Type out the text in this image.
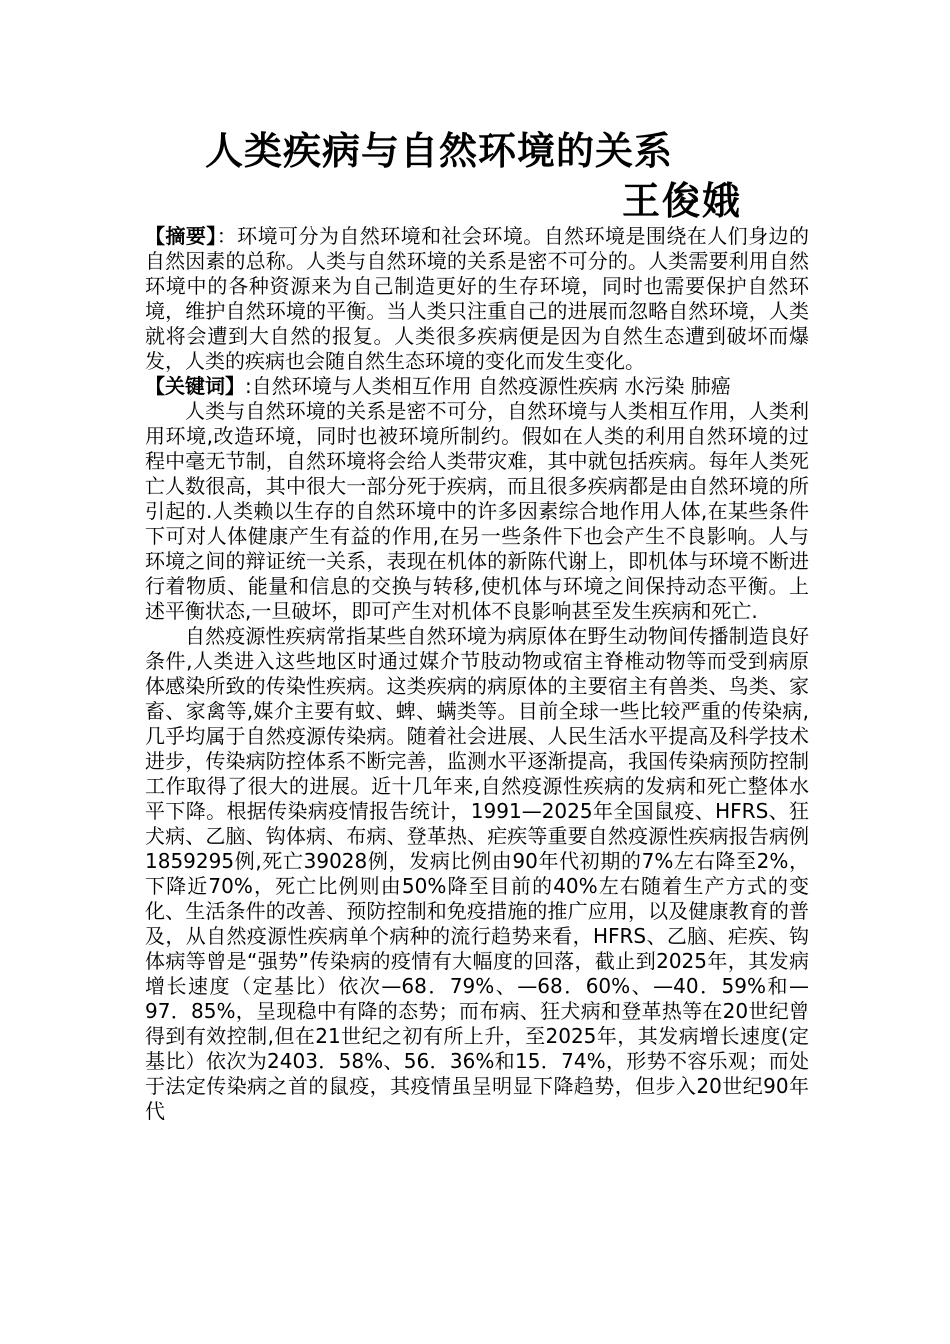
人类疾病与自然环境的关系
王俊娥

【摘要】：环境可分为自然环境和社会环境。自然环境是围绕在人们身边的自然因素的总称。人类与自然环境的关系是密不可分的。人类需要利用自然环境中的各种资源来为自己制造更好的生存环境，同时也需要保护自然环境，维护自然环境的平衡。当人类只注重自己的进展而忽略自然环境，人类就将会遭到大自然的报复。人类很多疾病便是因为自然生态遭到破坏而爆发，人类的疾病也会随自然生态环境的变化而发生变化。

【关键词】:自然环境与人类相互作用 自然疫源性疾病 水污染 肺癌

人类与自然环境的关系是密不可分，自然环境与人类相互作用，人类利用环境,改造环境，同时也被环境所制约。假如在人类的利用自然环境的过程中毫无节制，自然环境将会给人类带灾难，其中就包括疾病。每年人类死亡人数很高，其中很大一部分死于疾病，而且很多疾病都是由自然环境的所引起的.人类赖以生存的自然环境中的许多因素综合地作用人体,在某些条件下可对人体健康产生有益的作用,在另一些条件下也会产生不良影响。人与环境之间的辩证统一关系，表现在机体的新陈代谢上，即机体与环境不断进行着物质、能量和信息的交换与转移,使机体与环境之间保持动态平衡。上述平衡状态,一旦破坏，即可产生对机体不良影响甚至发生疾病和死亡.

自然疫源性疾病常指某些自然环境为病原体在野生动物间传播制造良好条件,人类进入这些地区时通过媒介节肢动物或宿主脊椎动物等而受到病原体感染所致的传染性疾病。这类疾病的病原体的主要宿主有兽类、鸟类、家畜、家禽等,媒介主要有蚊、蜱、螨类等。目前全球一些比较严重的传染病,几乎均属于自然疫源传染病。随着社会进展、人民生活水平提高及科学技术进步，传染病防控体系不断完善，监测水平逐渐提高，我国传染病预防控制工作取得了很大的进展。近十几年来,自然疫源性疾病的发病和死亡整体水平下降。根据传染病疫情报告统计，1991—2025年全国鼠疫、HFRS、狂犬病、乙脑、钩体病、布病、登革热、疟疾等重要自然疫源性疾病报告病例1859295例,死亡39028例，发病比例由90年代初期的7%左右降至2%，下降近70%，死亡比例则由50%降至目前的40%左右随着生产方式的变化、生活条件的改善、预防控制和免疫措施的推广应用，以及健康教育的普及，从自然疫源性疾病单个病种的流行趋势来看，HFRS、乙脑、疟疾、钩体病等曾是“强势”传染病的疫情有大幅度的回落，截止到2025年，其发病增长速度（定基比）依次—68．79%、—68．60%、—40．59%和—97．85%，呈现稳中有降的态势；而布病、狂犬病和登革热等在20世纪曾得到有效控制,但在21世纪之初有所上升，至2025年，其发病增长速度(定基比）依次为2403．58%、56．36%和15．74%，形势不容乐观；而处于法定传染病之首的鼠疫，其疫情虽呈明显下降趋势，但步入20世纪90年代
